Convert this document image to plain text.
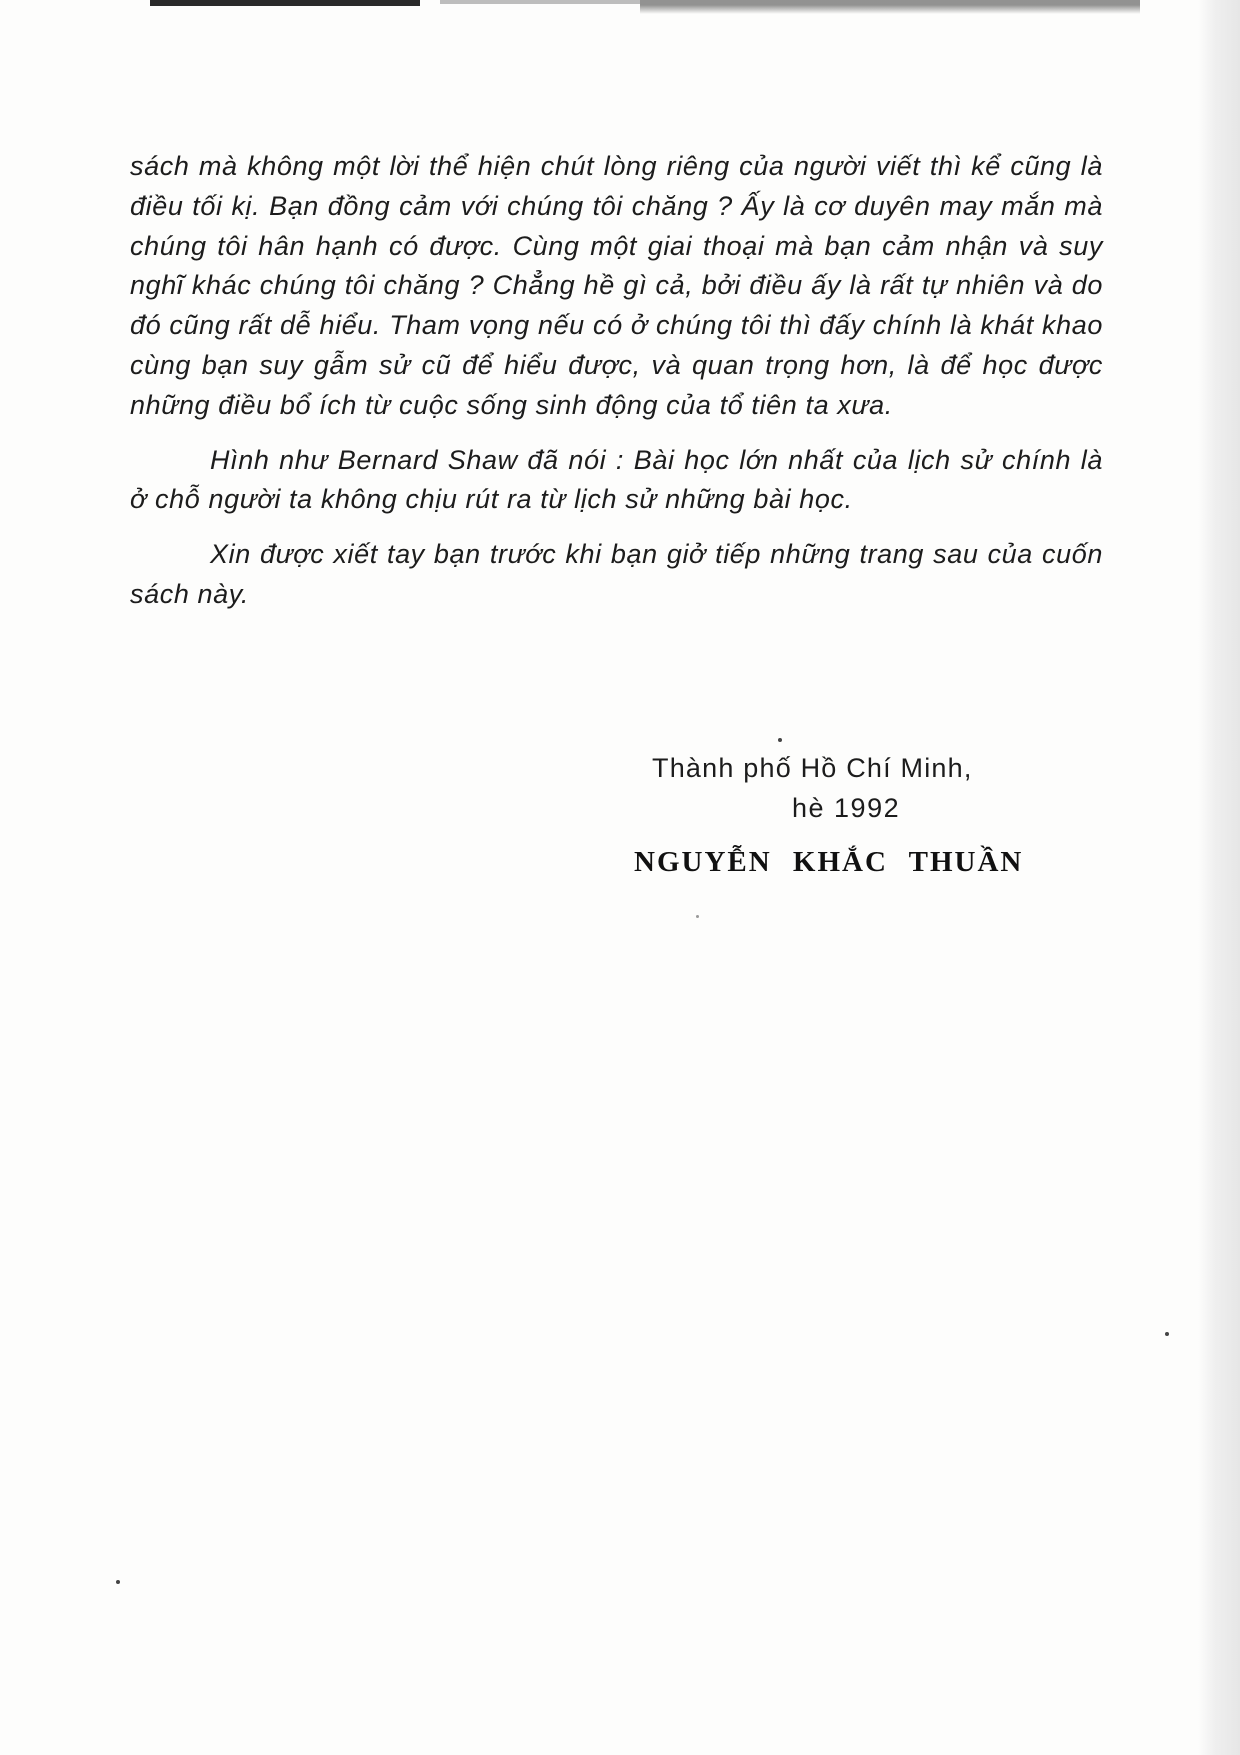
sách mà không một lời thể hiện chút lòng riêng của người viết thì kể cũng là điều tối kị. Bạn đồng cảm với chúng tôi chăng ? Ấy là cơ duyên may mắn mà chúng tôi hân hạnh có được. Cùng một giai thoại mà bạn cảm nhận và suy nghĩ khác chúng tôi chăng ? Chẳng hề gì cả, bởi điều ấy là rất tự nhiên và do đó cũng rất dễ hiểu. Tham vọng nếu có ở chúng tôi thì đấy chính là khát khao cùng bạn suy gẫm sử cũ để hiểu được, và quan trọng hơn, là để học được những điều bổ ích từ cuộc sống sinh động của tổ tiên ta xưa.

Hình như Bernard Shaw đã nói : Bài học lớn nhất của lịch sử chính là ở chỗ người ta không chịu rút ra từ lịch sử những bài học.

Xin được xiết tay bạn trước khi bạn giở tiếp những trang sau của cuốn sách này.

Thành phố Hồ Chí Minh,
hè 1992
NGUYỄN KHẮC THUẦN
